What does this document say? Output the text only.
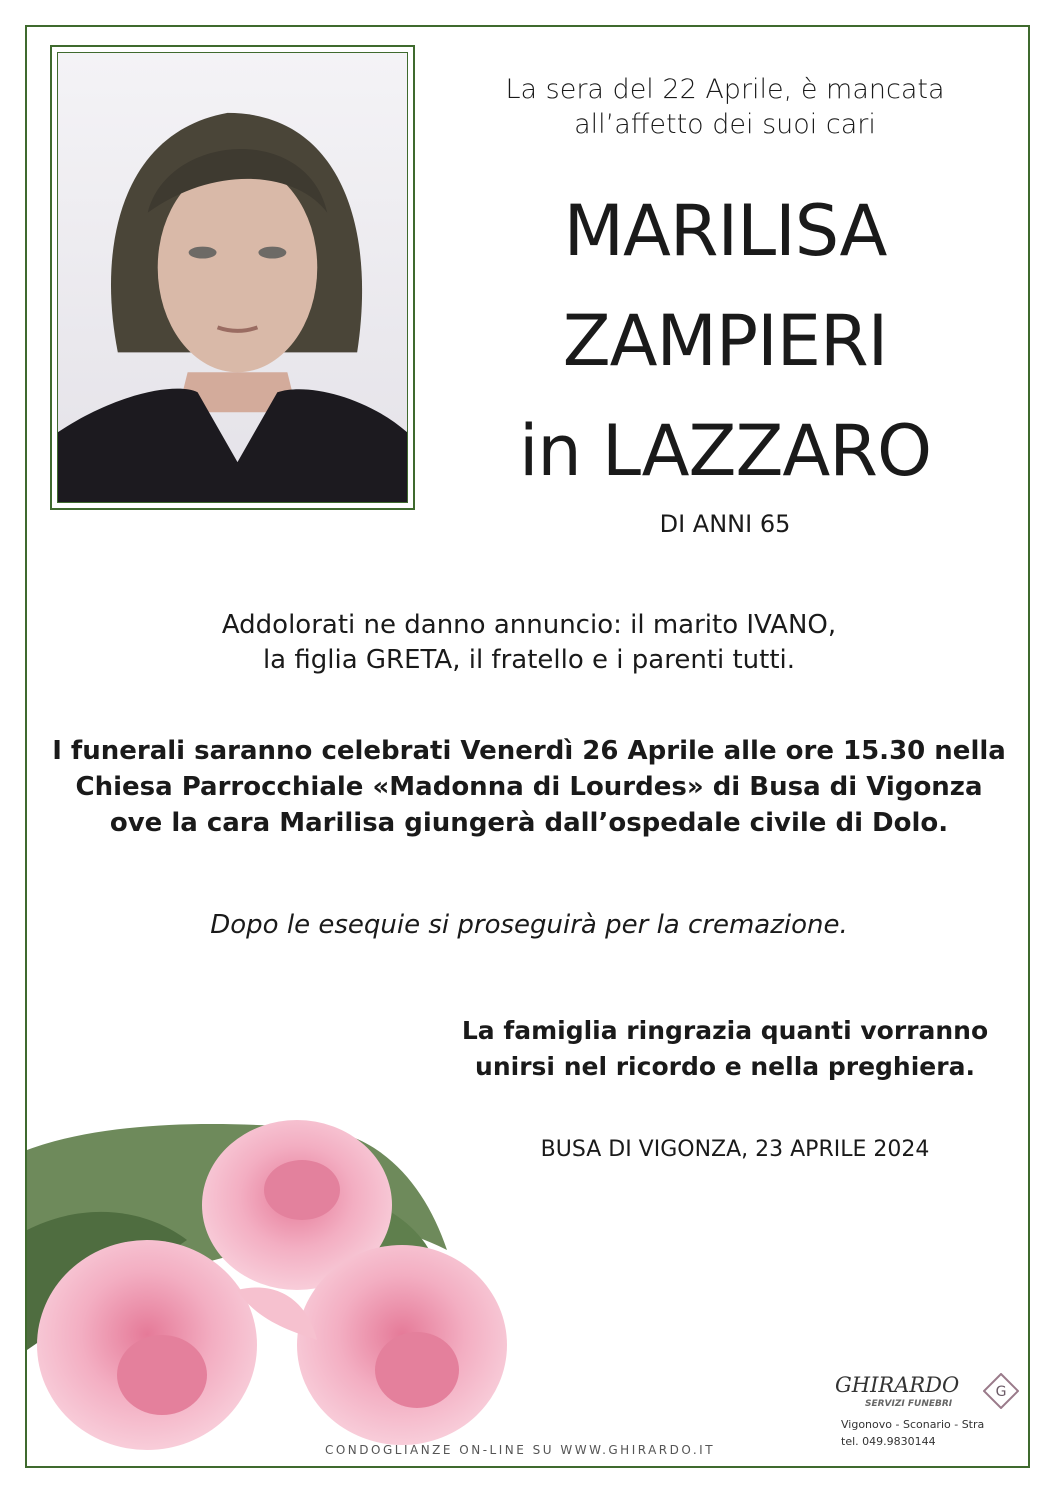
La sera del 22 Aprile, è mancata
all’affetto dei suoi cari
MARILISA
ZAMPIERI
in LAZZARO
DI ANNI 65
Addolorati ne danno annuncio: il marito IVANO,
la figlia GRETA, il fratello e i parenti tutti.
I funerali saranno celebrati Venerdì 26 Aprile alle ore 15.30 nella
Chiesa Parrocchiale «Madonna di Lourdes» di Busa di Vigonza
ove la cara Marilisa giungerà dall’ospedale civile di Dolo.
Dopo le esequie si proseguirà per la cremazione.
La famiglia ringrazia quanti vorranno
unirsi nel ricordo e nella preghiera.
BUSA DI VIGONZA, 23 APRILE 2024
CONDOGLIANZE ON-LINE SU WWW.GHIRARDO.IT
GHIRARDO
SERVIZI FUNEBRI
G
Vigonovo - Sconario - Stra
tel. 049.9830144
